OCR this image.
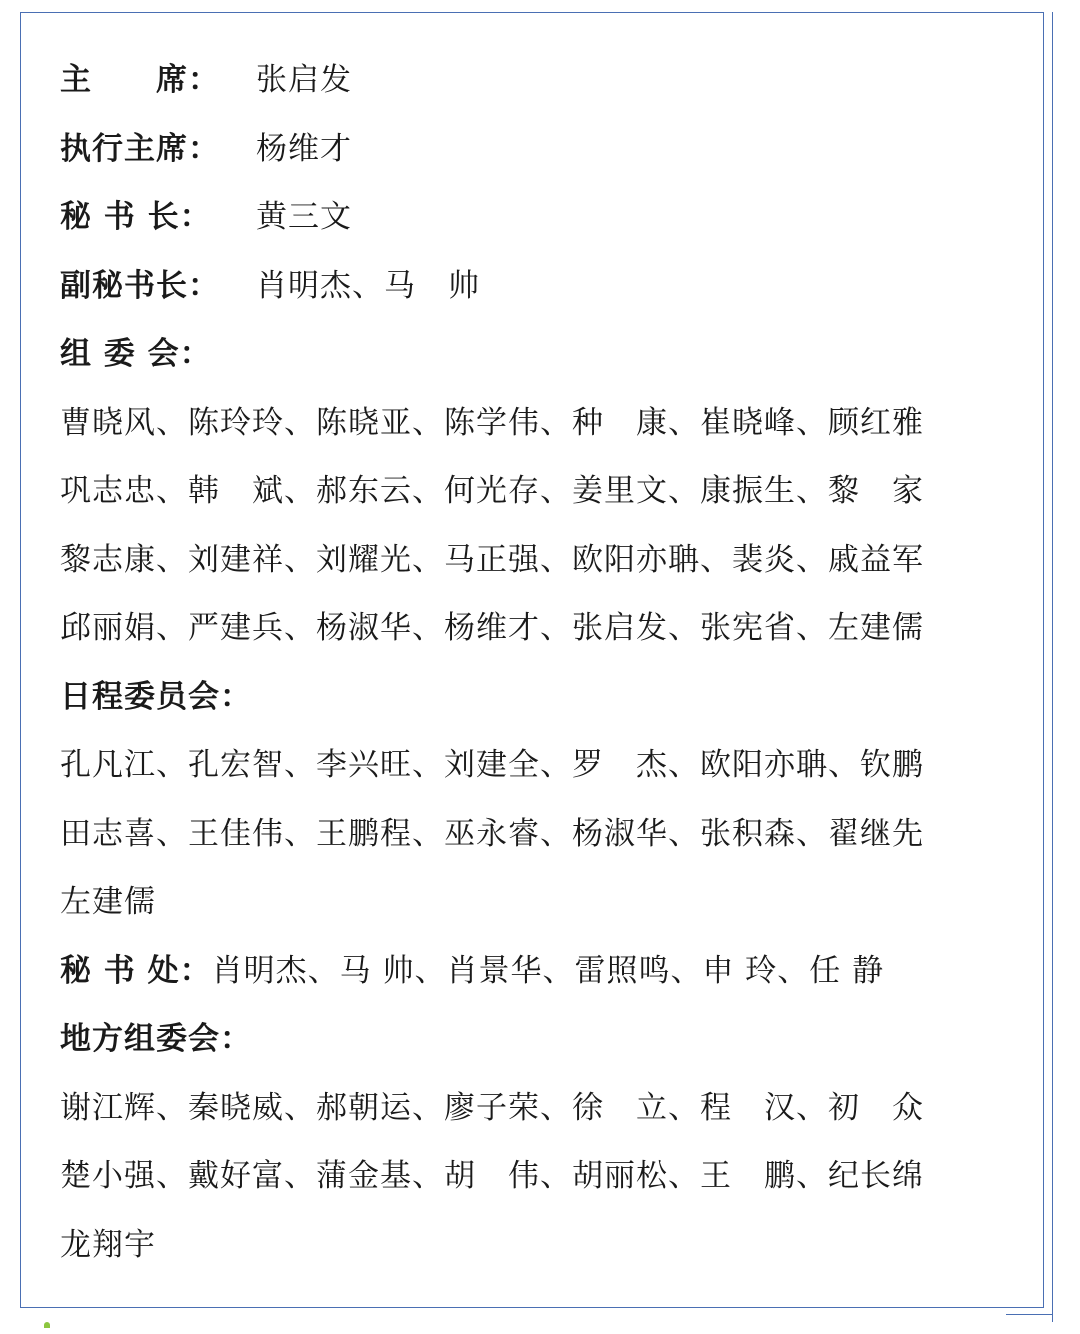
主　　席： 张启发
执行主席： 杨维才
秘 书 长： 黄三文
副秘书长： 肖明杰、马　帅
组 委 会：
曹晓风、陈玲玲、陈晓亚、陈学伟、种　康、崔晓峰、顾红雅
巩志忠、韩　斌、郝东云、何光存、姜里文、康振生、黎　家
黎志康、刘建祥、刘耀光、马正强、欧阳亦聃、裴炎、戚益军
邱丽娟、严建兵、杨淑华、杨维才、张启发、张宪省、左建儒
日程委员会：
孔凡江、孔宏智、李兴旺、刘建全、罗　杰、欧阳亦聃、钦鹏
田志喜、王佳伟、王鹏程、巫永睿、杨淑华、张积森、翟继先
左建儒
秘 书 处：肖明杰、马 帅、肖景华、雷照鸣、申 玲、任 静
地方组委会：
谢江辉、秦晓威、郝朝运、廖子荣、徐　立、程　汉、初　众
楚小强、戴好富、蒲金基、胡　伟、胡丽松、王　鹏、纪长绵
龙翔宇
